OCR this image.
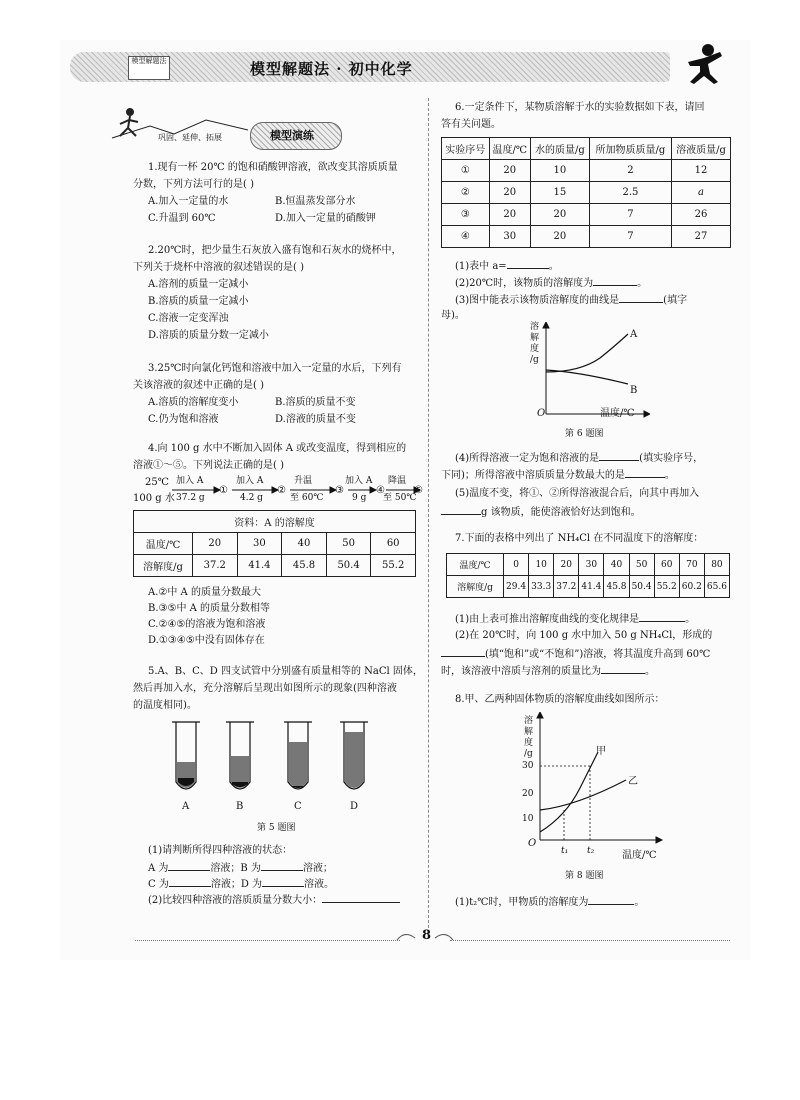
模型解题法	模型解题法 · 初中化学
巩固、延伸、拓展	模型演练
1.现有一杯 20℃ 的饱和硝酸钾溶液，欲改变其溶质质量
分数，下列方法可行的是( )
A.加入一定量的水	B.恒温蒸发部分水
C.升温到 60℃	D.加入一定量的硝酸钾
2.20℃时，把少量生石灰放入盛有饱和石灰水的烧杯中，
下列关于烧杯中溶液的叙述错误的是( )
A.溶剂的质量一定减小
B.溶质的质量一定减小
C.溶液一定变浑浊
D.溶质的质量分数一定减小
3.25℃时向氯化钙饱和溶液中加入一定量的水后，下列有
关该溶液的叙述中正确的是( )
A.溶质的溶解度变小	B.溶质的质量不变
C.仍为饱和溶液	D.溶液的质量不变
4.向 100 g 水中不断加入固体 A 或改变温度，得到相应的
溶液①～⑤。下列说法正确的是( )
25℃
100 g 水
加入 A
37.2 g
①
加入 A
4.2 g
②
升温
至 60℃
③
加入 A
9 g
④
降温
至 50℃
⑤
资料：A 的溶解度					
温度/℃	20	30	40	50	60
溶解度/g	37.2	41.4	45.8	50.4	55.2
A.②中 A 的质量分数最大
B.③⑤中 A 的质量分数相等
C.②④⑤的溶液为饱和溶液
D.①③④⑤中没有固体存在
5.A、B、C、D 四支试管中分别盛有质量相等的 NaCl 固体，
然后再加入水，充分溶解后呈现出如图所示的现象(四种溶液
的温度相同)。
A	B	C	D
第 5 题图
(1)请判断所得四种溶液的状态：
A 为	溶液；B 为	溶液；
C 为	溶液；D 为	溶液。
(2)比较四种溶液的溶质质量分数大小：
6.一定条件下，某物质溶解于水的实验数据如下表，请回
答有关问题。
实验序号	温度/℃	水的质量/g	所加物质质量/g	溶液质量/g
①	20	10	2	12
②	20	15	2.5	a
③	20	20	7	26
④	30	20	7	27
(1)表中 a=	。
(2)20℃时，该物质的溶解度为	。
(3)图中能表示该物质溶解度的曲线是	(填字
母)。
溶
解
度
/g
A
B
O	温度/℃
第 6 题图
(4)所得溶液一定为饱和溶液的是	(填实验序号，
下同)；所得溶液中溶质质量分数最大的是	。
(5)温度不变，将①、②所得溶液混合后，向其中再加入
g 该物质，能使溶液恰好达到饱和。
7.下面的表格中列出了 NH₄Cl 在不同温度下的溶解度：
温度/℃	0	10	20	30	40	50	60	70	80
溶解度/g	29.4	33.3	37.2	41.4	45.8	50.4	55.2	60.2	65.6
(1)由上表可推出溶解度曲线的变化规律是	。
(2)在 20℃时，向 100 g 水中加入 50 g NH₄Cl，形成的
(填“饱和”或“不饱和”)溶液，将其温度升高到 60℃
时，该溶液中溶质与溶剂的质量比为	。
8.甲、乙两种固体物质的溶解度曲线如图所示：
溶
解
度
/g
30
20
10
甲
乙
O
t₁ t₂	温度/℃
第 8 题图
(1)t₂℃时，甲物质的溶解度为	。
8
